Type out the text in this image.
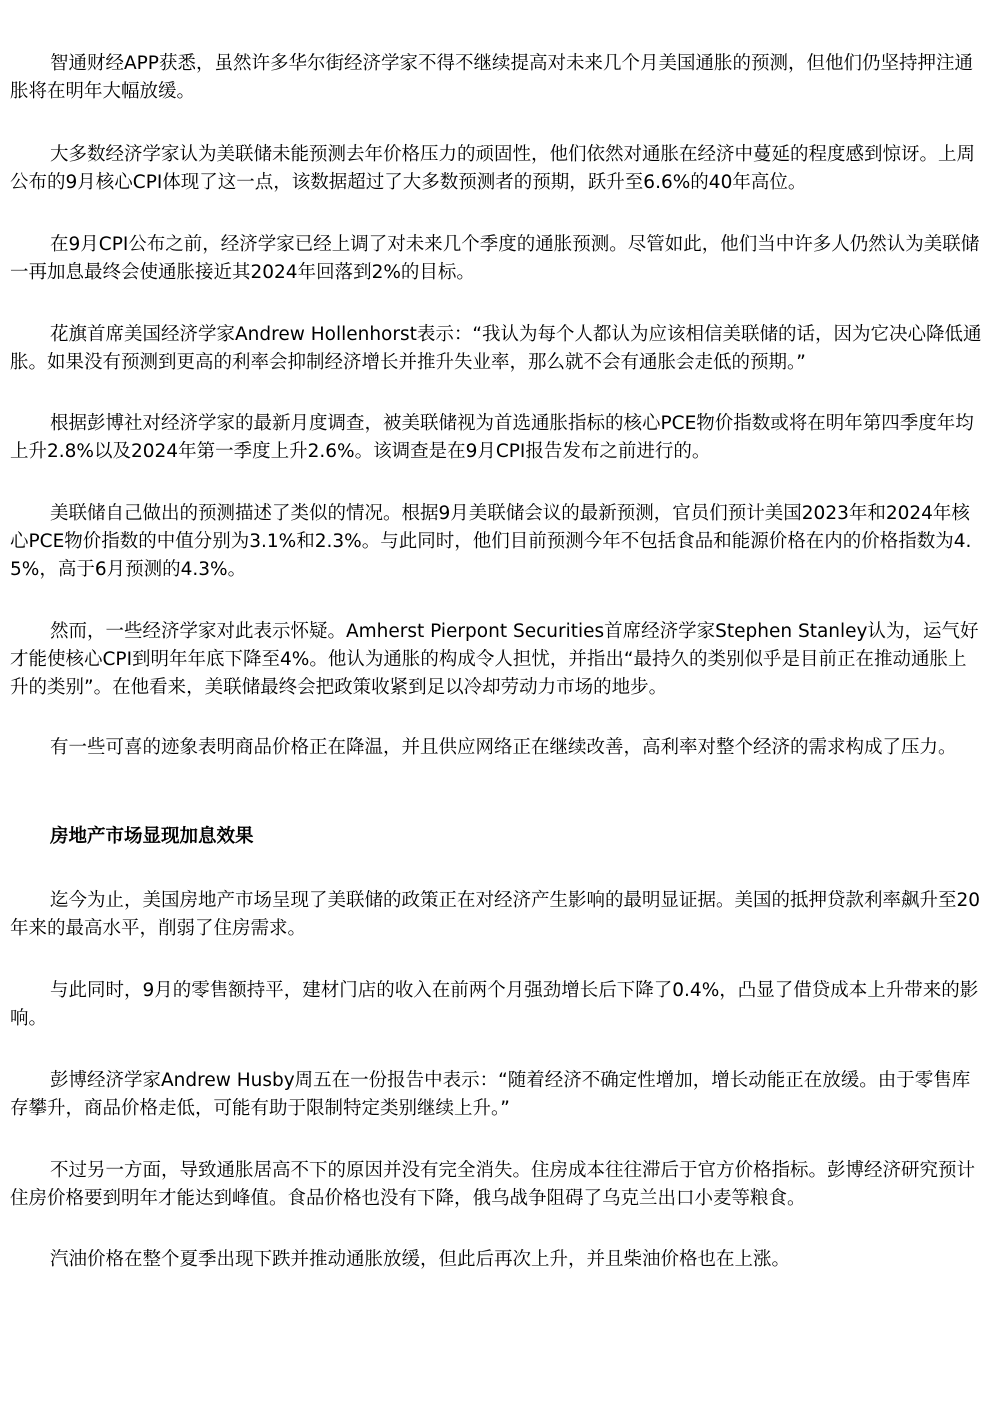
智通财经APP获悉，虽然许多华尔街经济学家不得不继续提高对未来几个月美国通胀的预测，但他们仍坚持押注通胀将在明年大幅放缓。

大多数经济学家认为美联储未能预测去年价格压力的顽固性，他们依然对通胀在经济中蔓延的程度感到惊讶。上周公布的9月核心CPI体现了这一点，该数据超过了大多数预测者的预期，跃升至6.6%的40年高位。

在9月CPI公布之前，经济学家已经上调了对未来几个季度的通胀预测。尽管如此，他们当中许多人仍然认为美联储一再加息最终会使通胀接近其2024年回落到2%的目标。

花旗首席美国经济学家Andrew Hollenhorst表示：“我认为每个人都认为应该相信美联储的话，因为它决心降低通胀。如果没有预测到更高的利率会抑制经济增长并推升失业率，那么就不会有通胀会走低的预期。”

根据彭博社对经济学家的最新月度调查，被美联储视为首选通胀指标的核心PCE物价指数或将在明年第四季度年均上升2.8%以及2024年第一季度上升2.6%。该调查是在9月CPI报告发布之前进行的。

美联储自己做出的预测描述了类似的情况。根据9月美联储会议的最新预测，官员们预计美国2023年和2024年核心PCE物价指数的中值分别为3.1%和2.3%。与此同时，他们目前预测今年不包括食品和能源价格在内的价格指数为4.5%，高于6月预测的4.3%。

然而，一些经济学家对此表示怀疑。Amherst Pierpont Securities首席经济学家Stephen Stanley认为，运气好才能使核心CPI到明年年底下降至4%。他认为通胀的构成令人担忧，并指出“最持久的类别似乎是目前正在推动通胀上升的类别”。在他看来，美联储最终会把政策收紧到足以冷却劳动力市场的地步。

有一些可喜的迹象表明商品价格正在降温，并且供应网络正在继续改善，高利率对整个经济的需求构成了压力。

房地产市场显现加息效果

迄今为止，美国房地产市场呈现了美联储的政策正在对经济产生影响的最明显证据。美国的抵押贷款利率飙升至20年来的最高水平，削弱了住房需求。

与此同时，9月的零售额持平，建材门店的收入在前两个月强劲增长后下降了0.4%，凸显了借贷成本上升带来的影响。

彭博经济学家Andrew Husby周五在一份报告中表示：“随着经济不确定性增加，增长动能正在放缓。由于零售库存攀升，商品价格走低，可能有助于限制特定类别继续上升。”

不过另一方面，导致通胀居高不下的原因并没有完全消失。住房成本往往滞后于官方价格指标。彭博经济研究预计住房价格要到明年才能达到峰值。食品价格也没有下降，俄乌战争阻碍了乌克兰出口小麦等粮食。

汽油价格在整个夏季出现下跌并推动通胀放缓，但此后再次上升，并且柴油价格也在上涨。
